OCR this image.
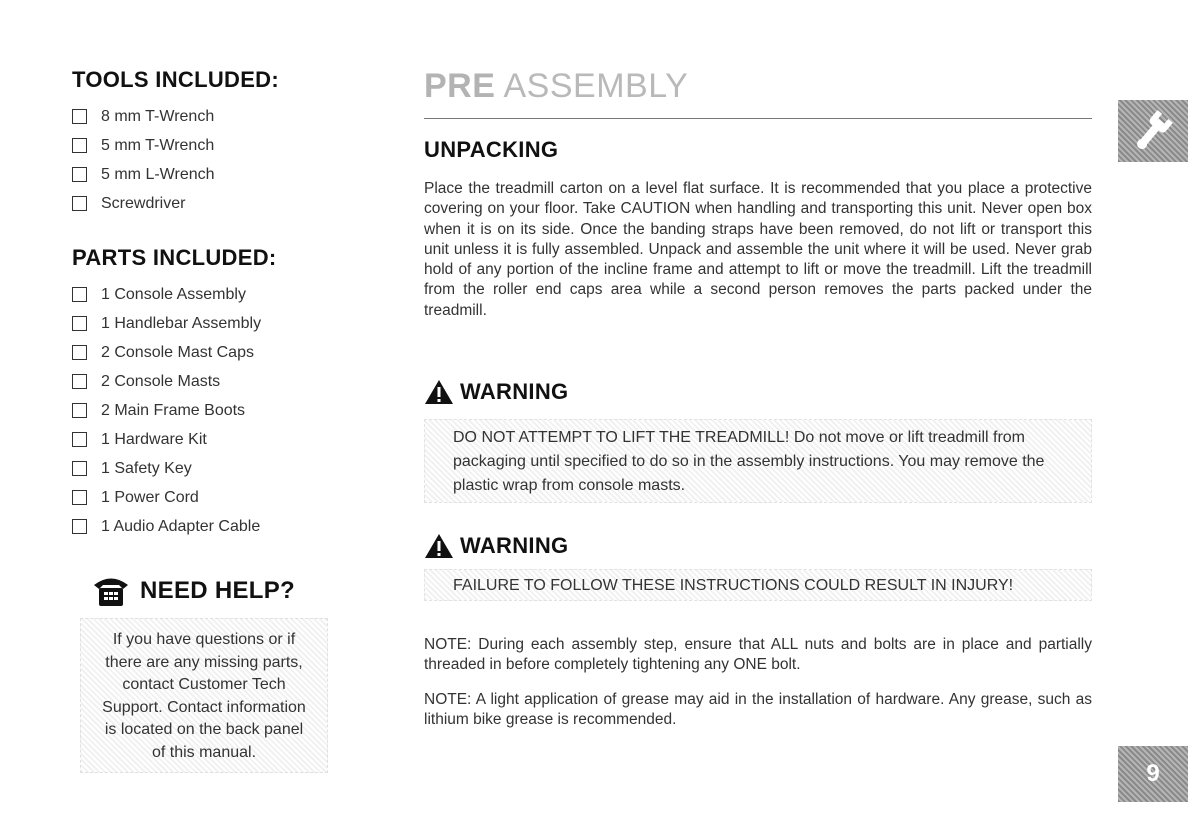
TOOLS INCLUDED:
8 mm T-Wrench
5 mm T-Wrench
5 mm L-Wrench
Screwdriver
PARTS INCLUDED:
1 Console Assembly
1 Handlebar Assembly
2 Console Mast Caps
2 Console Masts
2 Main Frame Boots
1 Hardware Kit
1 Safety Key
1 Power Cord
1 Audio Adapter Cable
NEED HELP?
If you have questions or if
there are any missing parts,
contact Customer Tech
Support. Contact information
is located on the back panel
of this manual.
PRE ASSEMBLY
UNPACKING

Place the treadmill carton on a level flat surface. It is recommended that you place a protective covering on your floor. Take CAUTION when handling and transporting this unit. Never open box when it is on its side. Once the banding straps have been removed, do not lift or transport this unit unless it is fully assembled. Unpack and assemble the unit where it will be used. Never grab hold of any portion of the incline frame and attempt to lift or move the treadmill. Lift the treadmill from the roller end caps area while a second person removes the parts packed under the treadmill.

WARNING
DO NOT ATTEMPT TO LIFT THE TREADMILL! Do not move or lift treadmill from packaging until specified to do so in the assembly instructions. You may remove the plastic wrap from console masts.
WARNING
FAILURE TO FOLLOW THESE INSTRUCTIONS COULD RESULT IN INJURY!

NOTE: During each assembly step, ensure that ALL nuts and bolts are in place and partially threaded in before completely tightening any ONE bolt.

NOTE: A light application of grease may aid in the installation of hardware. Any grease, such as lithium bike grease is recommended.

9
